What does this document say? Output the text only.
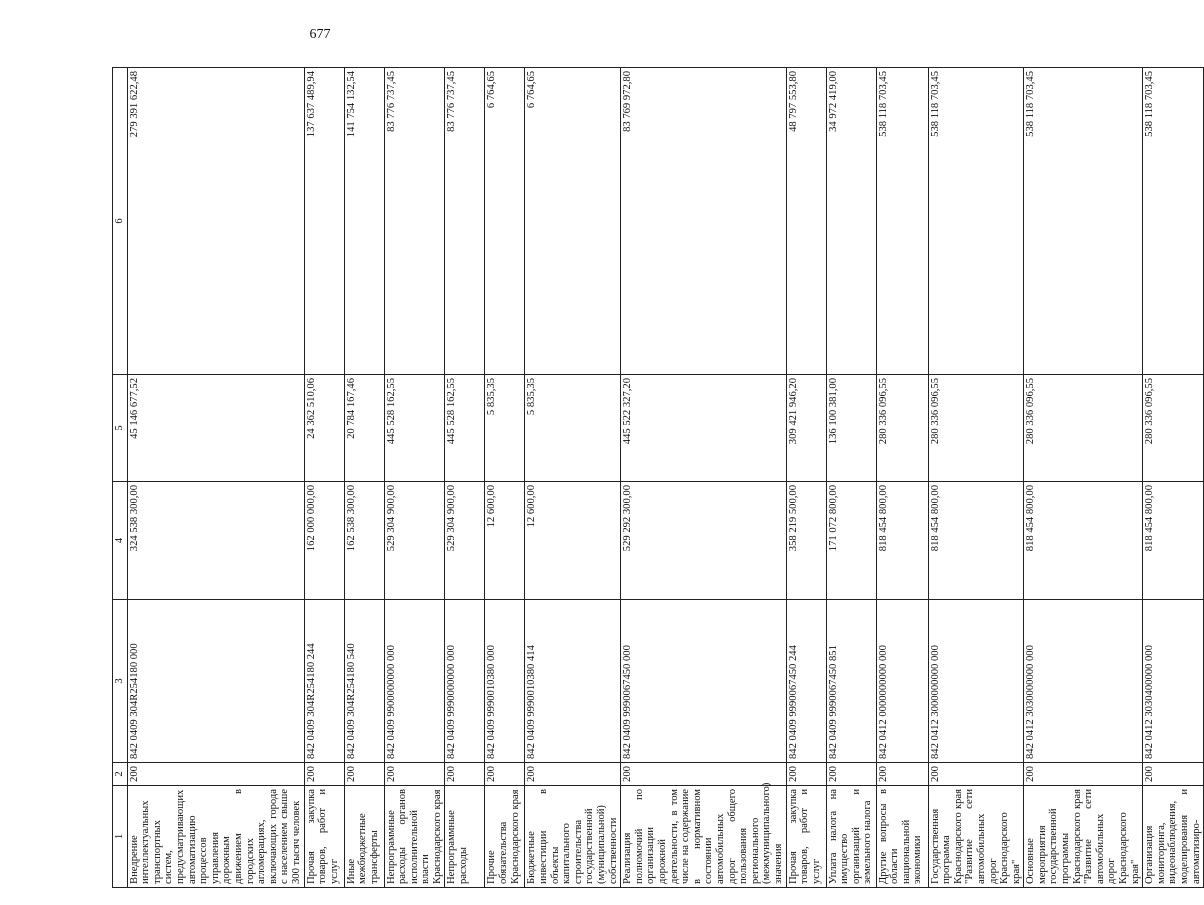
677
1	2	3	4	5	6
Внедрение интеллектуальных транспортных систем, предусматривающих автоматизацию процессов управления дорожным движением в городских агломерациях, включающих города с населением свыше 300 тысяч человек	200	842 0409 304R254180 000	324 538 300,00	45 146 677,52	279 391 622,48
Прочая закупка товаров, работ и услуг	200	842 0409 304R254180 244	162 000 000,00	24 362 510,06	137 637 489,94
Иные межбюджетные трансферты	200	842 0409 304R254180 540	162 538 300,00	20 784 167,46	141 754 132,54
Непрограммные расходы органов исполнительной власти Краснодарского края	200	842 0409 9900000000 000	529 304 900,00	445 528 162,55	83 776 737,45
Непрограммные расходы	200	842 0409 9990000000 000	529 304 900,00	445 528 162,55	83 776 737,45
Прочие обязательства Краснодарского края	200	842 0409 9990010380 000	12 600,00	5 835,35	6 764,65
Бюджетные инвестиции в объекты капитального строительства государственной (муниципальной) собственности	200	842 0409 9990010380 414	12 600,00	5 835,35	6 764,65
Реализация полномочий по организации дорожной деятельности, в том числе на содержание в нормативном состоянии автомобильных дорог общего пользования регионального (межмуниципального) значения	200	842 0409 9990067450 000	529 292 300,00	445 522 327,20	83 769 972,80
Прочая закупка товаров, работ и услуг	200	842 0409 9990067450 244	358 219 500,00	309 421 946,20	48 797 553,80
Уплата налога на имущество организаций и земельного налога	200	842 0409 9990067450 851	171 072 800,00	136 100 381,00	34 972 419,00
Другие вопросы в области национальной экономики	200	842 0412 0000000000 000	818 454 800,00	280 336 096,55	538 118 703,45
Государственная программа Краснодарского края "Развитие сети автомобильных дорог Краснодарского края"	200	842 0412 3000000000 000	818 454 800,00	280 336 096,55	538 118 703,45
Основные мероприятия государственной программы Краснодарского края "Развитие сети автомобильных дорог Краснодарского края"	200	842 0412 3030000000 000	818 454 800,00	280 336 096,55	538 118 703,45
Организация мониторинга, видеонаблюдения, моделирования и автоматизиро-	200	842 0412 3030400000 000	818 454 800,00	280 336 096,55	538 118 703,45
